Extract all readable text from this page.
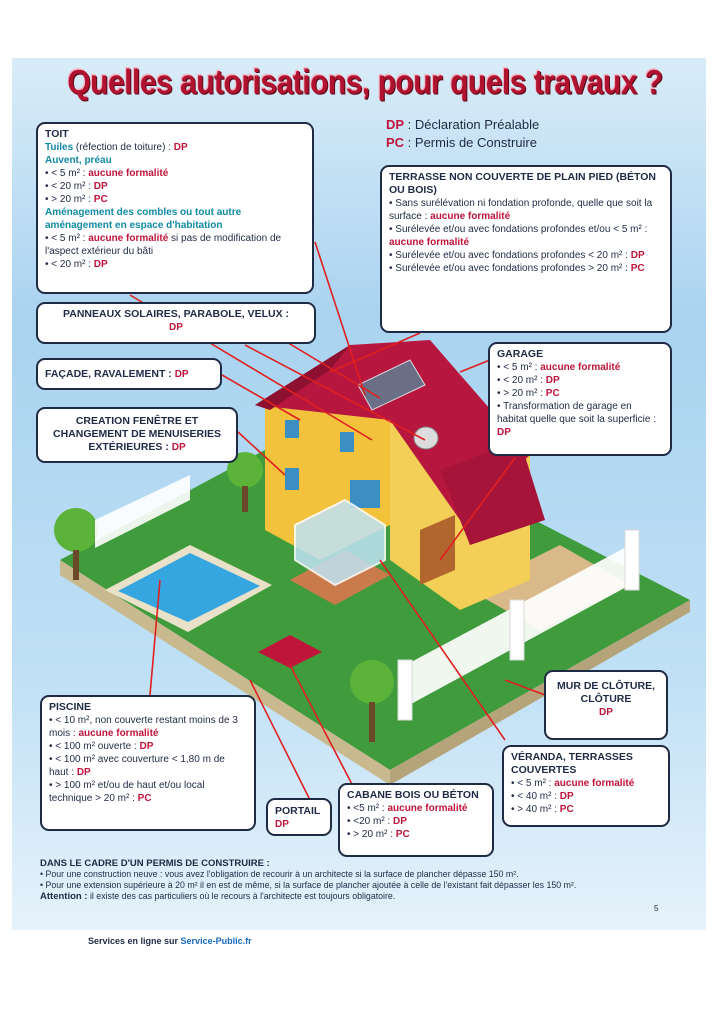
Quelles autorisations, pour quels travaux ?
DP : Déclaration Préalable
PC : Permis de Construire
TOIT
Tuiles (réfection de toiture) : DP
Auvent, préau
• < 5 m² : aucune formalité
• < 20 m² : DP
• > 20 m² : PC
Aménagement des combles ou tout autre aménagement en espace d'habitation
• < 5 m² : aucune formalité si pas de modification de l'aspect extérieur du bâti
• < 20 m² : DP
TERRASSE NON COUVERTE DE PLAIN PIED (BÉTON OU BOIS)
• Sans surélévation ni fondation profonde, quelle que soit la surface : aucune formalité
• Surélevée et/ou avec fondations profondes et/ou < 5 m² : aucune formalité
• Surélevée et/ou avec fondations profondes < 20 m² : DP
• Surélevée et/ou avec fondations profondes > 20 m² : PC
PANNEAUX SOLAIRES, PARABOLE, VELUX :
DP
GARAGE
• < 5 m² : aucune formalité
• < 20 m² : DP
• > 20 m² : PC
• Transformation de garage en habitat quelle que soit la superficie : DP
FAÇADE, RAVALEMENT : DP
CREATION FENÊTRE ET CHANGEMENT DE MENUISERIES EXTÉRIEURES : DP
PISCINE
• < 10 m², non couverte restant moins de 3 mois : aucune formalité
• < 100 m² ouverte : DP
• < 100 m² avec couverture < 1,80 m de haut : DP
• > 100 m² et/ou de haut et/ou local technique > 20 m² : PC
PORTAIL
DP
CABANE BOIS OU BÉTON
• <5 m² : aucune formalité
• <20 m² : DP
• > 20 m² : PC
MUR DE CLÔTURE, CLÔTURE
DP
VÉRANDA, TERRASSES COUVERTES
• < 5 m² : aucune formalité
• < 40 m² : DP
• > 40 m² : PC
DANS LE CADRE D'UN PERMIS DE CONSTRUIRE :
• Pour une construction neuve : vous avez l'obligation de recourir à un architecte si la surface de plancher dépasse 150 m².
• Pour une extension supérieure à 20 m² il en est de même, si la surface de plancher ajoutée à celle de l'existant fait dépasser les 150 m².
Attention : il existe des cas particuliers où le recours à l'architecte est toujours obligatoire.
5
Services en ligne sur Service-Public.fr
